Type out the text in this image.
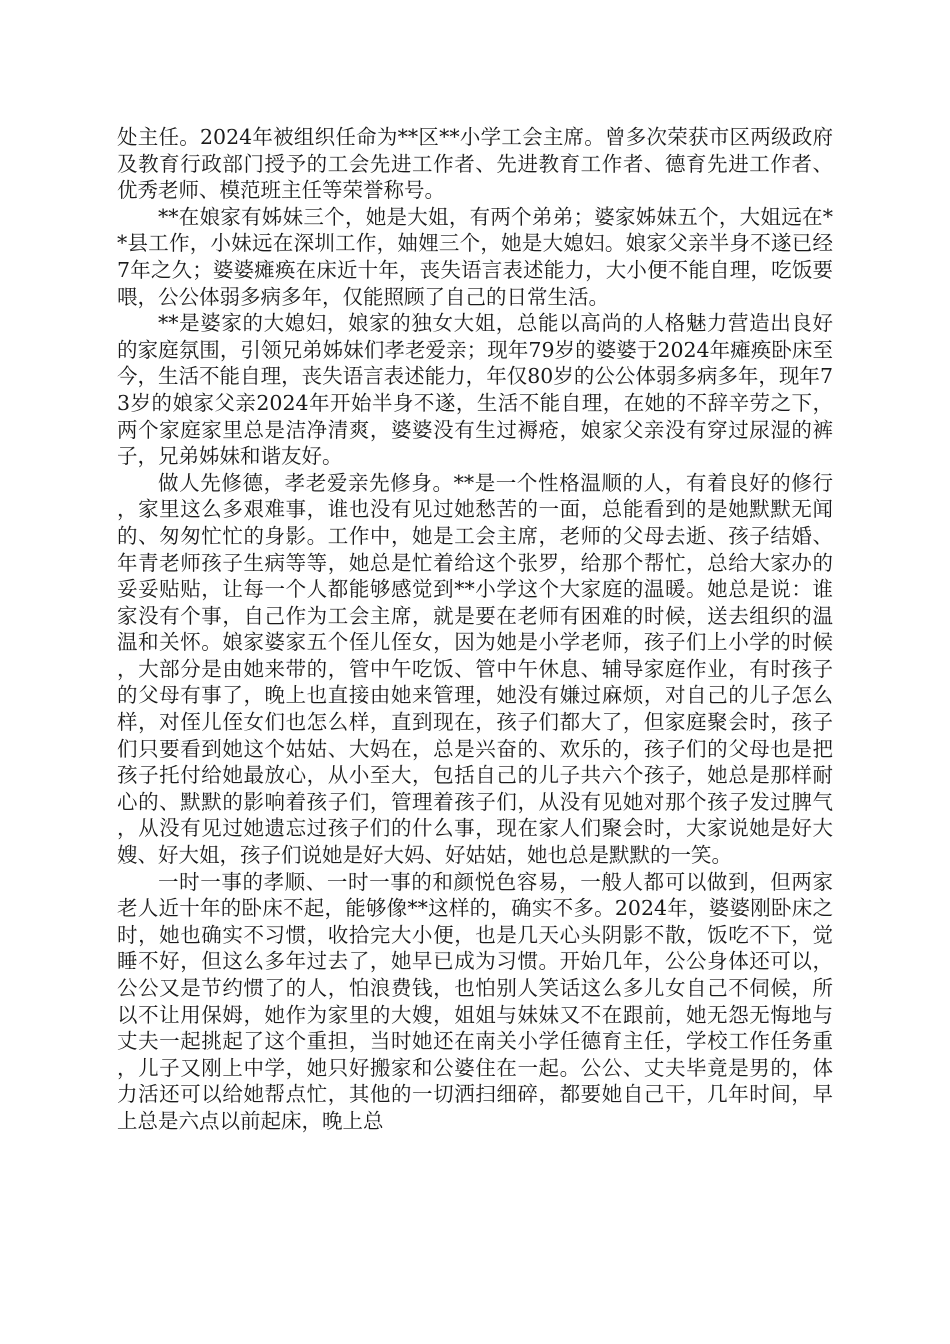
处主任。2024年被组织任命为**区**小学工会主席。曾多次荣获市区两级政府及教育行政部门授予的工会先进工作者、先进教育工作者、德育先进工作者、优秀老师、模范班主任等荣誉称号。

**在娘家有姊妹三个，她是大姐，有两个弟弟；婆家姊妹五个，大姐远在**县工作，小妹远在深圳工作，妯娌三个，她是大媳妇。娘家父亲半身不遂已经7年之久；婆婆瘫痪在床近十年，丧失语言表述能力，大小便不能自理，吃饭要喂，公公体弱多病多年，仅能照顾了自己的日常生活。

**是婆家的大媳妇，娘家的独女大姐，总能以高尚的人格魅力营造出良好的家庭氛围，引领兄弟姊妹们孝老爱亲；现年79岁的婆婆于2024年瘫痪卧床至今，生活不能自理，丧失语言表述能力，年仅80岁的公公体弱多病多年，现年73岁的娘家父亲2024年开始半身不遂，生活不能自理，在她的不辞辛劳之下，两个家庭家里总是洁净清爽，婆婆没有生过褥疮，娘家父亲没有穿过尿湿的裤子，兄弟姊妹和谐友好。

做人先修德，孝老爱亲先修身。**是一个性格温顺的人，有着良好的修行，家里这么多艰难事，谁也没有见过她愁苦的一面，总能看到的是她默默无闻的、匆匆忙忙的身影。工作中，她是工会主席，老师的父母去逝、孩子结婚、年青老师孩子生病等等，她总是忙着给这个张罗，给那个帮忙，总给大家办的妥妥贴贴，让每一个人都能够感觉到**小学这个大家庭的温暖。她总是说：谁家没有个事，自己作为工会主席，就是要在老师有困难的时候，送去组织的温温和关怀。娘家婆家五个侄儿侄女，因为她是小学老师，孩子们上小学的时候，大部分是由她来带的，管中午吃饭、管中午休息、辅导家庭作业，有时孩子的父母有事了，晚上也直接由她来管理，她没有嫌过麻烦，对自己的儿子怎么样，对侄儿侄女们也怎么样，直到现在，孩子们都大了，但家庭聚会时，孩子们只要看到她这个姑姑、大妈在，总是兴奋的、欢乐的，孩子们的父母也是把孩子托付给她最放心，从小至大，包括自己的儿子共六个孩子，她总是那样耐心的、默默的影响着孩子们，管理着孩子们，从没有见她对那个孩子发过脾气，从没有见过她遗忘过孩子们的什么事，现在家人们聚会时，大家说她是好大嫂、好大姐，孩子们说她是好大妈、好姑姑，她也总是默默的一笑。

一时一事的孝顺、一时一事的和颜悦色容易，一般人都可以做到，但两家老人近十年的卧床不起，能够像**这样的，确实不多。2024年，婆婆刚卧床之时，她也确实不习惯，收拾完大小便，也是几天心头阴影不散，饭吃不下，觉睡不好，但这么多年过去了，她早已成为习惯。开始几年，公公身体还可以，公公又是节约惯了的人，怕浪费钱，也怕别人笑话这么多儿女自己不伺候，所以不让用保姆，她作为家里的大嫂，姐姐与妹妹又不在跟前，她无怨无悔地与丈夫一起挑起了这个重担，当时她还在南关小学任德育主任，学校工作任务重，儿子又刚上中学，她只好搬家和公婆住在一起。公公、丈夫毕竟是男的，体力活还可以给她帮点忙，其他的一切洒扫细碎，都要她自己干，几年时间，早上总是六点以前起床，晚上总
